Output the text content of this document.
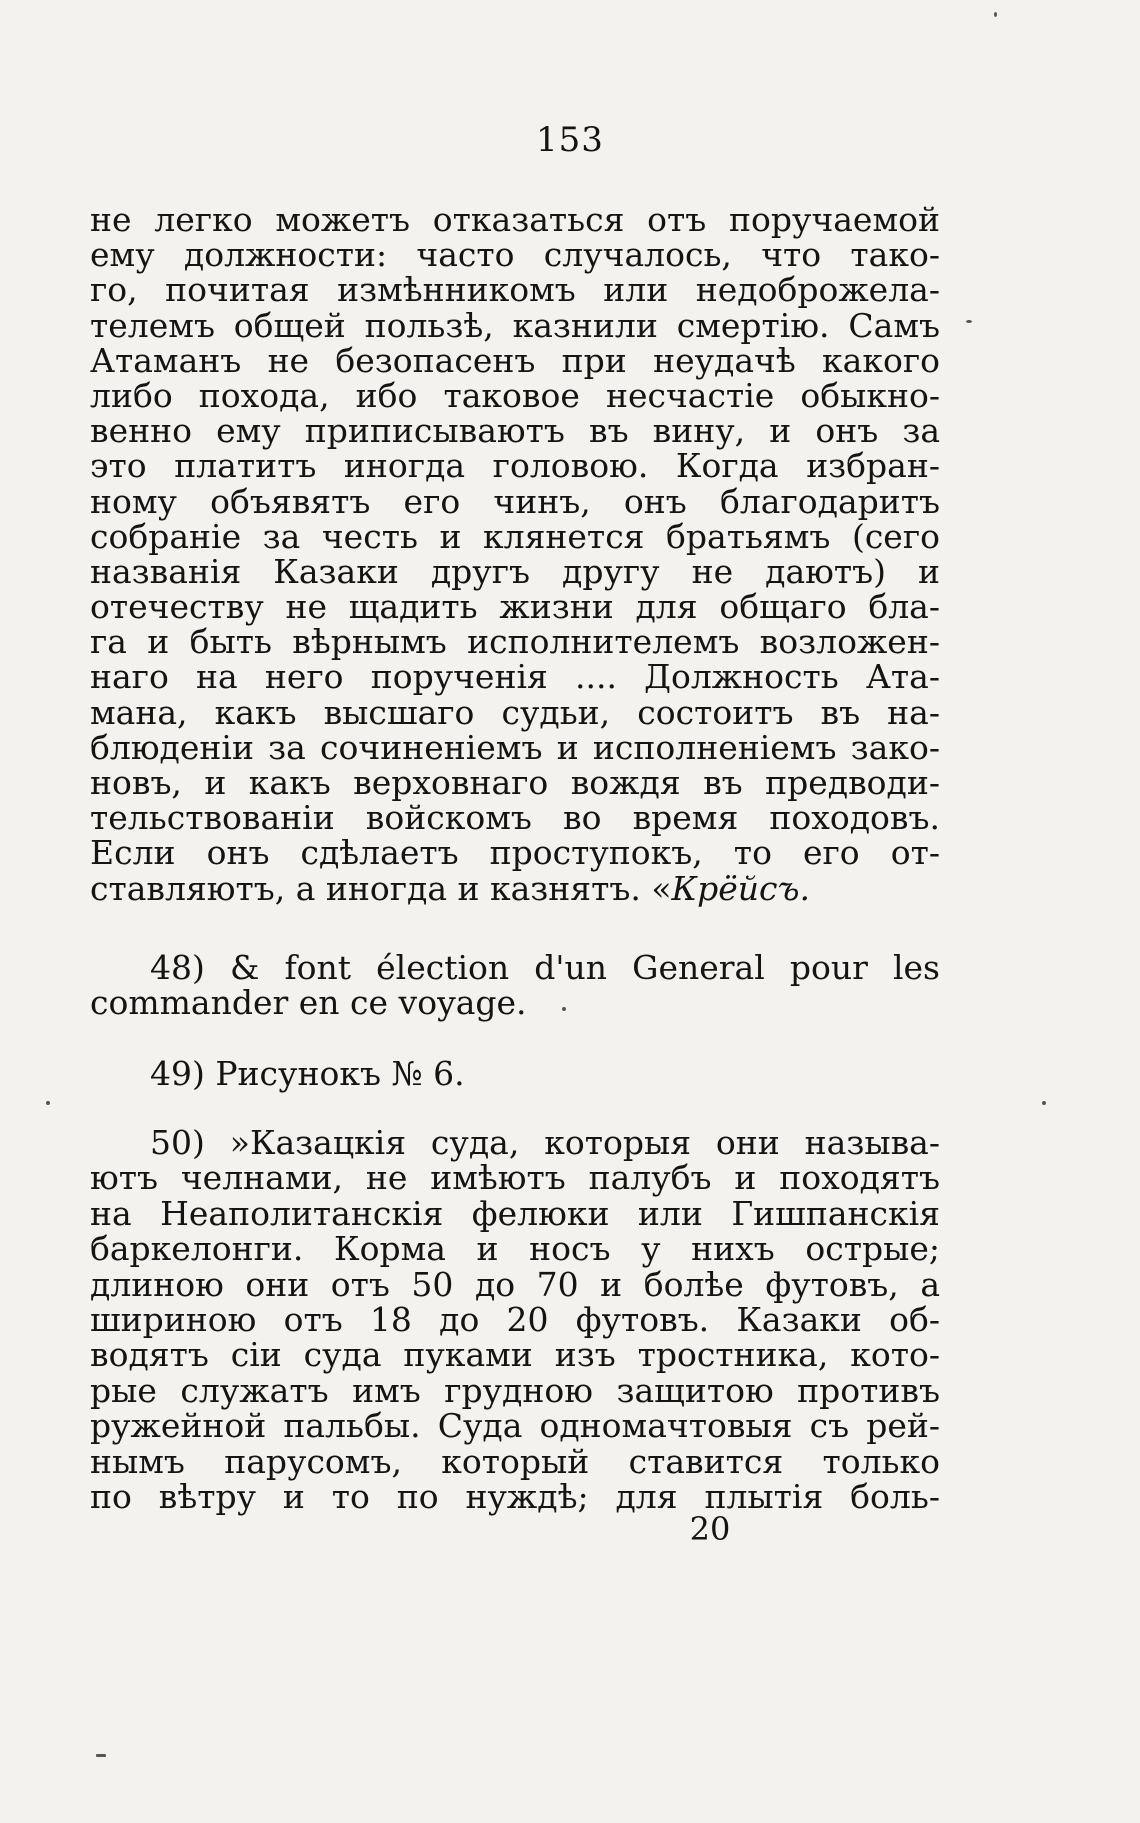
153
не легко можетъ отказаться отъ поручаемой
ему должности: часто случалось, что тако-
го, почитая измѣнникомъ или недоброжела-
телемъ общей пользѣ, казнили смертію. Самъ
Атаманъ не безопасенъ при неудачѣ какого
либо похода, ибо таковое несчастіе обыкно-
венно ему приписываютъ въ вину, и онъ за
это платитъ иногда головою. Когда избран-
ному объявятъ его чинъ, онъ благодаритъ
собраніе за честь и клянется братьямъ (сего
названія Казаки другъ другу не даютъ) и
отечеству не щадить жизни для общаго бла-
га и быть вѣрнымъ исполнителемъ возложен-
наго на него порученія .... Должность Ата-
мана, какъ высшаго судьи, состоитъ въ на-
блюденіи за сочиненіемъ и исполненіемъ зако-
новъ, и какъ верховнаго вождя въ предводи-
тельствованіи войскомъ во время походовъ.
Если онъ сдѣлаетъ проступокъ, то его от-
ставляютъ, а иногда и казнятъ. «Крёйсъ.
48) & font élection d'un General pour les
commander en ce voyage.
49) Рисунокъ № 6.
50) »Казацкія суда, которыя они называ-
ютъ челнами, не имѣютъ палубъ и походятъ
на Неаполитанскія фелюки или Гишпанскія
баркелонги. Корма и носъ у нихъ острые;
длиною они отъ 50 до 70 и болѣе футовъ, а
шириною отъ 18 до 20 футовъ. Казаки об-
водятъ сіи суда пуками изъ тростника, кото-
рые служатъ имъ грудною защитою противъ
ружейной пальбы. Суда одномачтовыя съ рей-
нымъ парусомъ, который ставится только
по вѣтру и то по нуждѣ; для плытія боль-
20
